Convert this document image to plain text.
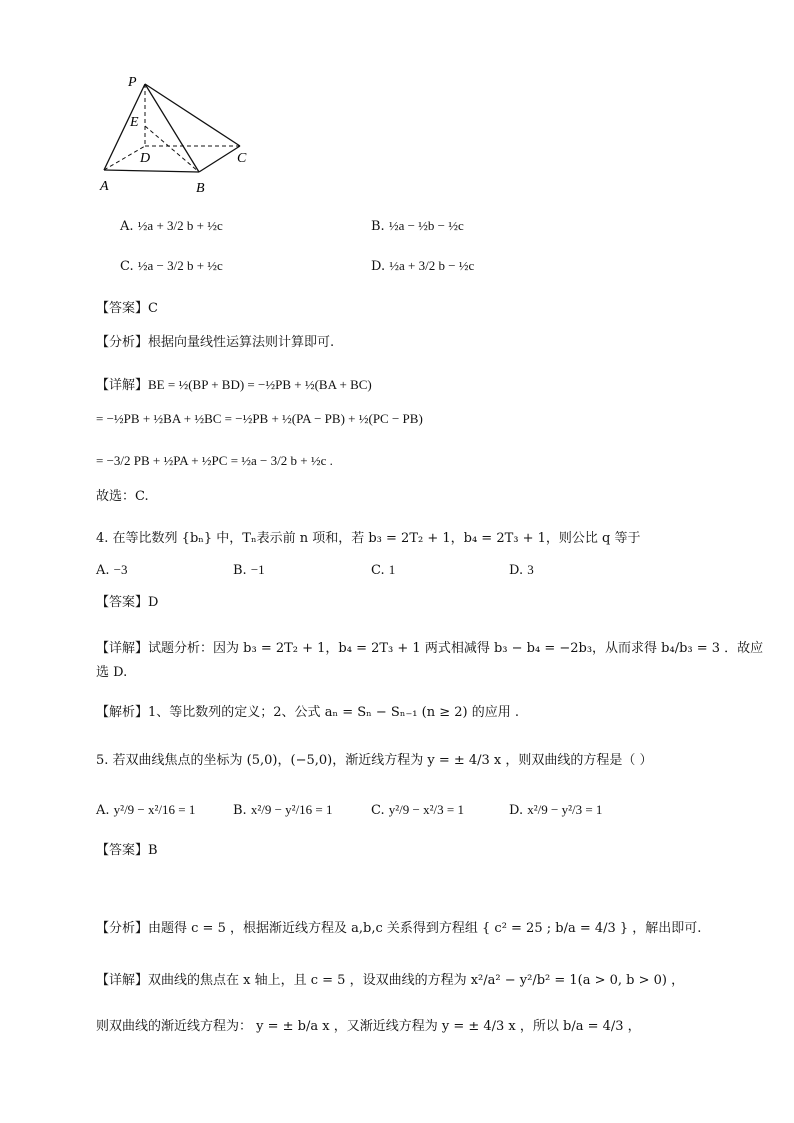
P
E
D	C
A	B
A. ½a + 3/2 b + ½c	B. ½a − ½b − ½c
C. ½a − 3/2 b + ½c	D. ½a + 3/2 b − ½c
【答案】C
【分析】根据向量线性运算法则计算即可.
【详解】BE = ½(BP + BD) = −½PB + ½(BA + BC)
= −½PB + ½BA + ½BC = −½PB + ½(PA − PB) + ½(PC − PB)
= −3/2 PB + ½PA + ½PC = ½a − 3/2 b + ½c .
故选：C.
4. 在等比数列 {bₙ} 中，Tₙ表示前 n 项和，若 b₃ = 2T₂ + 1，b₄ = 2T₃ + 1，则公比 q 等于
A. −3	B. −1	C. 1	D. 3
【答案】D
【详解】试题分析：因为 b₃ = 2T₂ + 1，b₄ = 2T₃ + 1 两式相减得 b₃ − b₄ = −2b₃，从而求得 b₄/b₃ = 3 ．故应
选 D.
【解析】1、等比数列的定义；2、公式 aₙ = Sₙ − Sₙ₋₁ (n ≥ 2) 的应用 .
5. 若双曲线焦点的坐标为 (5,0)，(−5,0)，渐近线方程为 y = ± 4/3 x ，则双曲线的方程是（ ）
A. y²/9 − x²/16 = 1	B. x²/9 − y²/16 = 1	C. y²/9 − x²/3 = 1	D. x²/9 − y²/3 = 1
【答案】B
【分析】由题得 c = 5 ，根据渐近线方程及 a,b,c 关系得到方程组 { c² = 25 ; b/a = 4/3 } ，解出即可.
【详解】双曲线的焦点在 x 轴上，且 c = 5 ，设双曲线的方程为 x²/a² − y²/b² = 1(a > 0, b > 0) ，
则双曲线的渐近线方程为： y = ± b/a x ，又渐近线方程为 y = ± 4/3 x ，所以 b/a = 4/3 ，
